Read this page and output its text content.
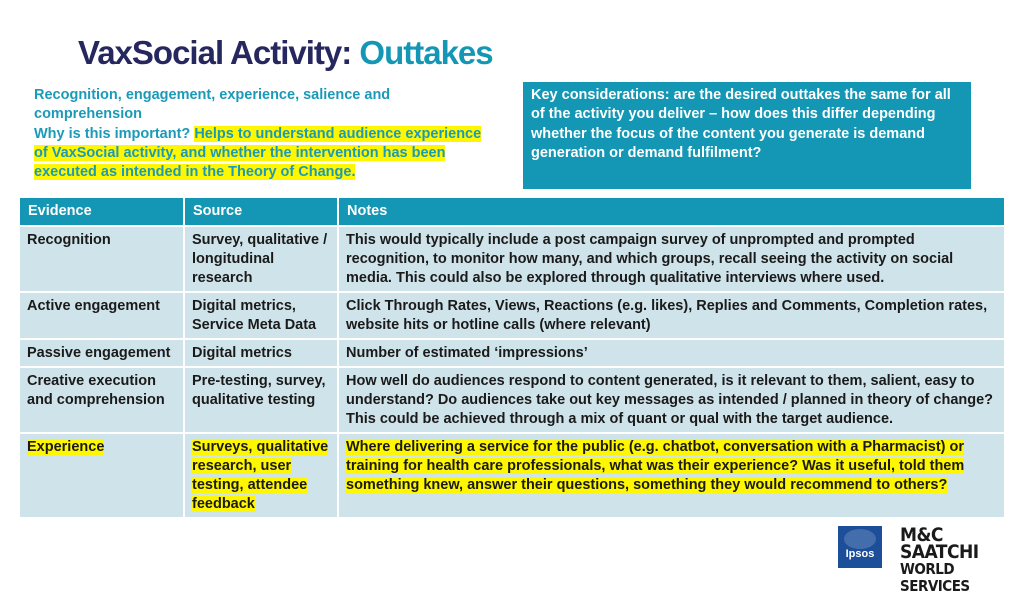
VaxSocial Activity: Outtakes
Recognition, engagement, experience, salience and comprehension
Why is this important? Helps to understand audience experience of VaxSocial activity, and whether the intervention has been executed as intended in the Theory of Change.
Key considerations: are the desired outtakes the same for all of the activity you deliver – how does this differ depending whether the focus of the content you generate is demand generation or demand fulfilment?
Evidence	Source	Notes
Recognition	Survey, qualitative / longitudinal research	This would typically include a post campaign survey of unprompted and prompted recognition, to monitor how many, and which groups, recall seeing the activity on social media. This could also be explored through qualitative interviews where used.
Active engagement	Digital metrics, Service Meta Data	Click Through Rates, Views, Reactions (e.g. likes), Replies and Comments, Completion rates, website hits or hotline calls (where relevant)
Passive engagement	Digital metrics	Number of estimated ‘impressions’
Creative execution and comprehension	Pre-testing, survey, qualitative testing	How well do audiences respond to content generated, is it relevant to them, salient, easy to understand? Do audiences take out key messages as intended / planned in theory of change? This could be achieved through a mix of quant or qual with the target audience.
Experience	Surveys, qualitative research, user testing, attendee feedback	Where delivering a service for the public (e.g. chatbot, conversation with a Pharmacist) or training for health care professionals, what was their experience? Was it useful, told them something knew, answer their questions, something they would recommend to others?
Ipsos
M&C SAATCHI
WORLD SERVICES
